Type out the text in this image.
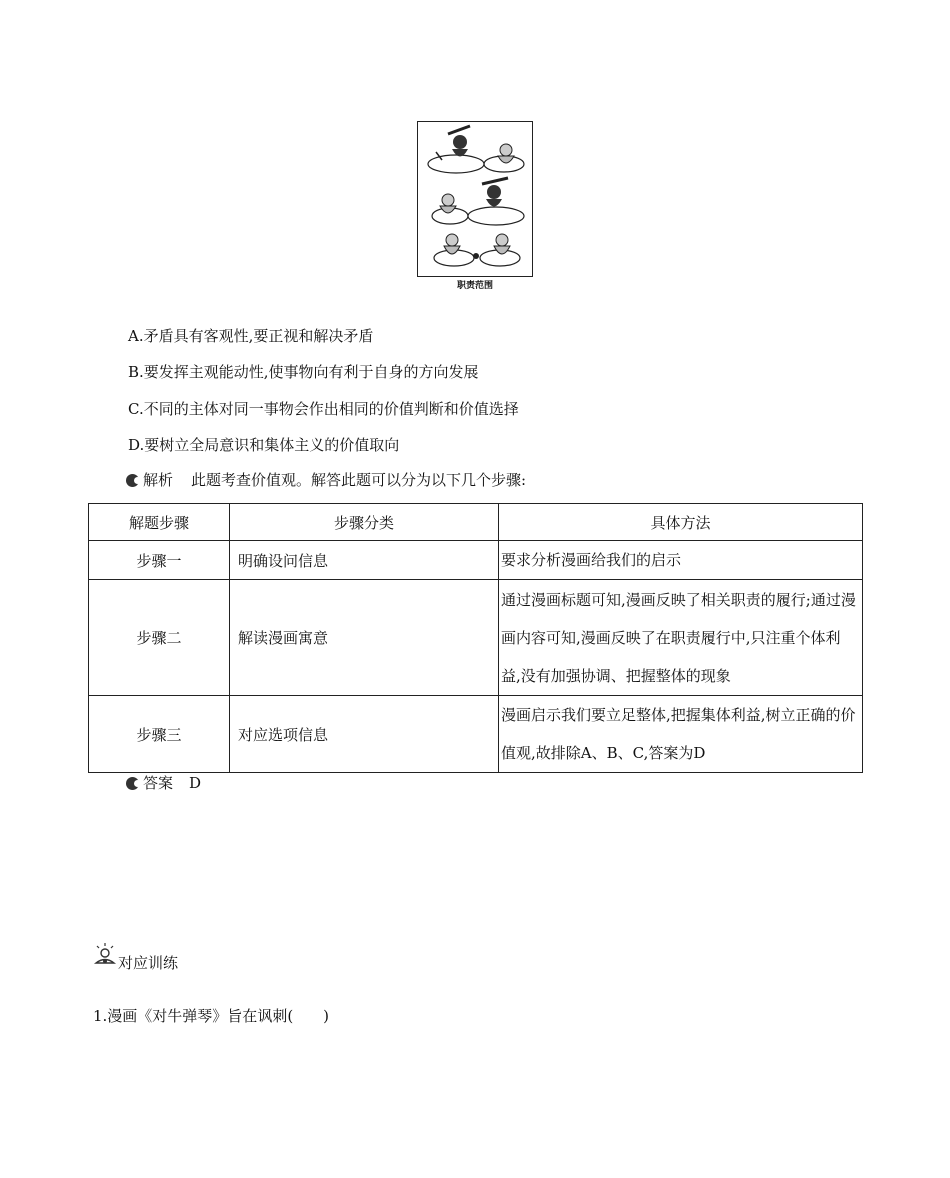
职责范围
A.矛盾具有客观性,要正视和解决矛盾
B.要发挥主观能动性,使事物向有利于自身的方向发展
C.不同的主体对同一事物会作出相同的价值判断和价值选择
D.要树立全局意识和集体主义的价值取向
解析 此题考查价值观。解答此题可以分为以下几个步骤:
解题步骤	步骤分类	具体方法
步骤一	明确设问信息	要求分析漫画给我们的启示
步骤二	解读漫画寓意	通过漫画标题可知,漫画反映了相关职责的履行;通过漫画内容可知,漫画反映了在职责履行中,只注重个体利益,没有加强协调、把握整体的现象
步骤三	对应选项信息	漫画启示我们要立足整体,把握集体利益,树立正确的价值观,故排除A、B、C,答案为D
答案 D
对应训练
1.漫画《对牛弹琴》旨在讽刺(　　)
